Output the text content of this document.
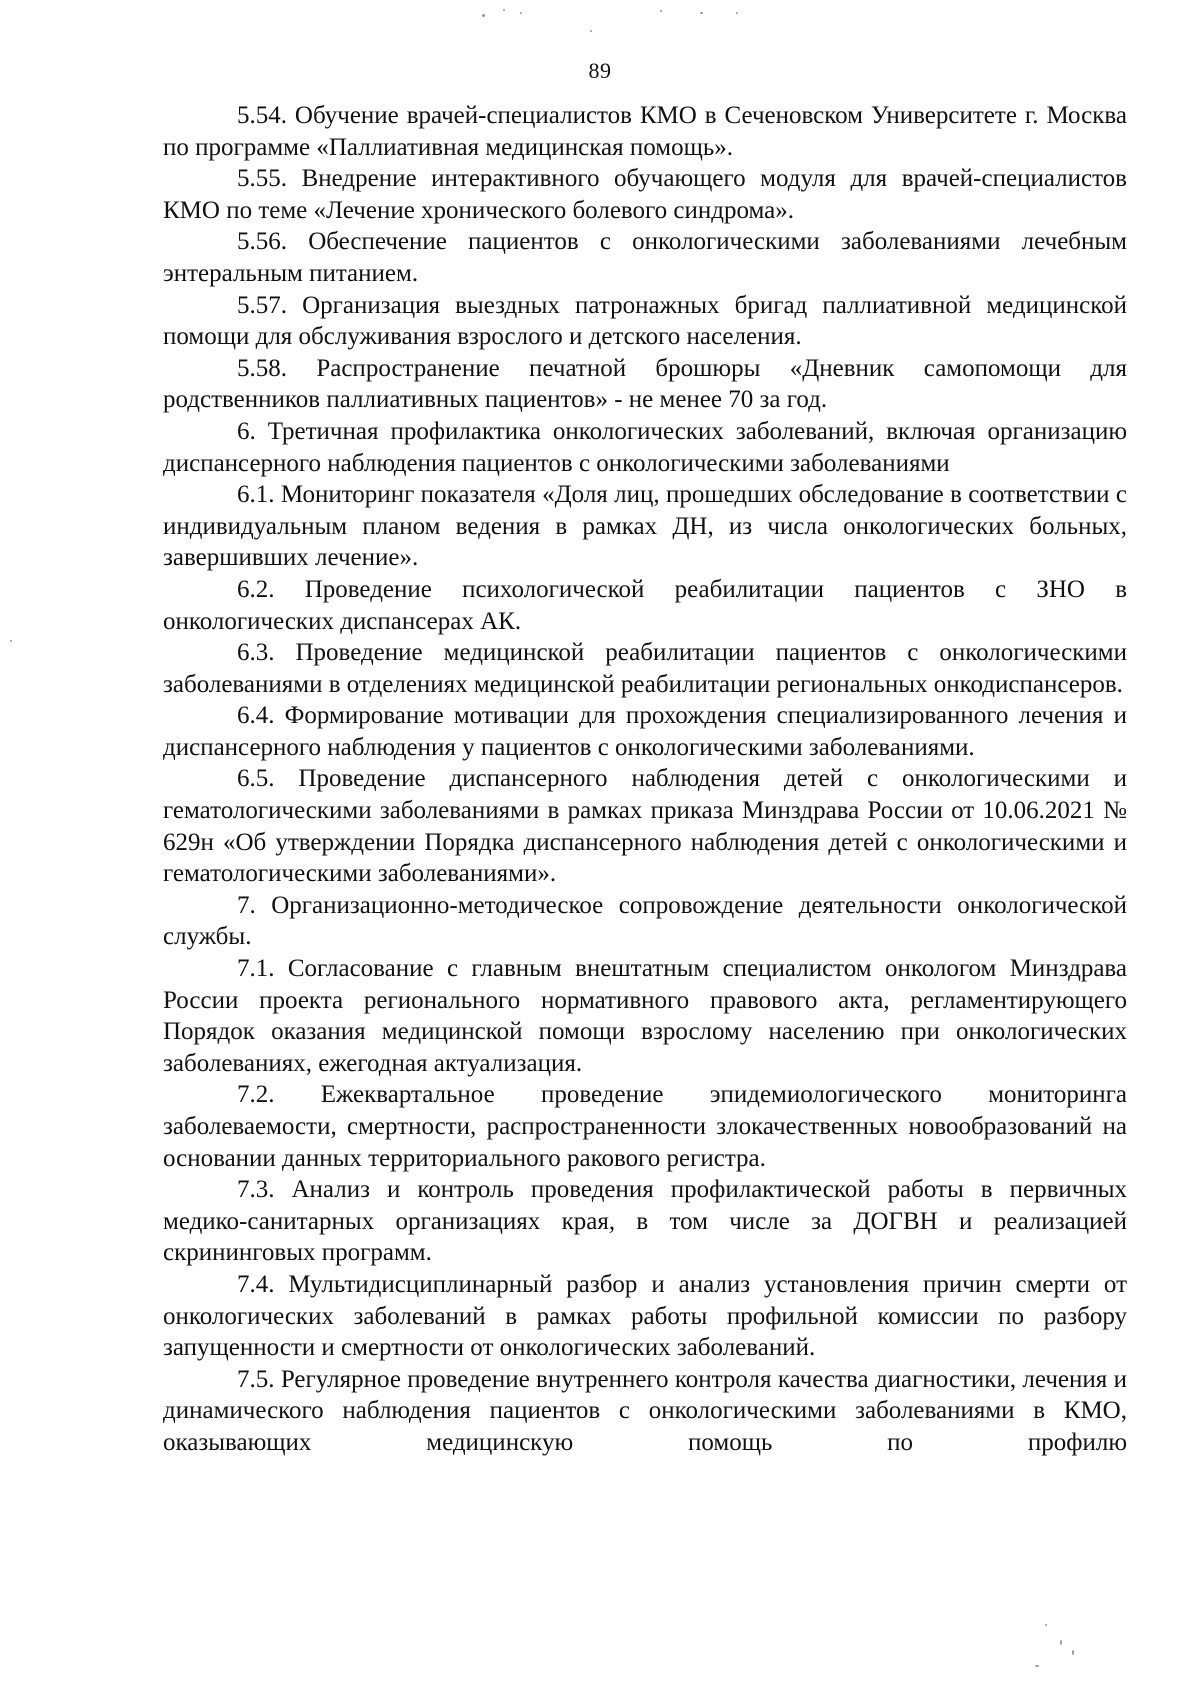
89

5.54. Обучение врачей-специалистов КМО в Сеченовском Университете г. Москва по программе «Паллиативная медицинская помощь».

5.55. Внедрение интерактивного обучающего модуля для врачей-специалистов КМО по теме «Лечение хронического болевого синдрома».

5.56. Обеспечение пациентов с онкологическими заболеваниями лечебным энтеральным питанием.

5.57. Организация выездных патронажных бригад паллиативной медицинской помощи для обслуживания взрослого и детского населения.

5.58. Распространение печатной брошюры «Дневник самопомощи для родственников паллиативных пациентов» - не менее 70 за год.

6. Третичная профилактика онкологических заболеваний, включая организацию диспансерного наблюдения пациентов с онкологическими заболеваниями

6.1. Мониторинг показателя «Доля лиц, прошедших обследование в соответствии с индивидуальным планом ведения в рамках ДН, из числа онкологических больных, завершивших лечение».

6.2. Проведение психологической реабилитации пациентов с ЗНО в онкологических диспансерах АК.

6.3. Проведение медицинской реабилитации пациентов с онкологическими заболеваниями в отделениях медицинской реабилитации региональных онкодиспансеров.

6.4. Формирование мотивации для прохождения специализированного лечения и диспансерного наблюдения у пациентов с онкологическими заболеваниями.

6.5. Проведение диспансерного наблюдения детей с онкологическими и гематологическими заболеваниями в рамках приказа Минздрава России от 10.06.2021 № 629н «Об утверждении Порядка диспансерного наблюдения детей с онкологическими и гематологическими заболеваниями».

7. Организационно-методическое сопровождение деятельности онкологической службы.

7.1. Согласование с главным внештатным специалистом онкологом Минздрава России проекта регионального нормативного правового акта, регламентирующего Порядок оказания медицинской помощи взрослому населению при онкологических заболеваниях, ежегодная актуализация.

7.2. Ежеквартальное проведение эпидемиологического мониторинга заболеваемости, смертности, распространенности злокачественных новообразований на основании данных территориального ракового регистра.

7.3. Анализ и контроль проведения профилактической работы в первичных медико-санитарных организациях края, в том числе за ДОГВН и реализацией скрининговых программ.

7.4. Мультидисциплинарный разбор и анализ установления причин смерти от онкологических заболеваний в рамках работы профильной комиссии по разбору запущенности и смертности от онкологических заболеваний.

7.5. Регулярное проведение внутреннего контроля качества диагностики, лечения и динамического наблюдения пациентов с онкологическими заболеваниями в КМО, оказывающих медицинскую помощь по профилю
